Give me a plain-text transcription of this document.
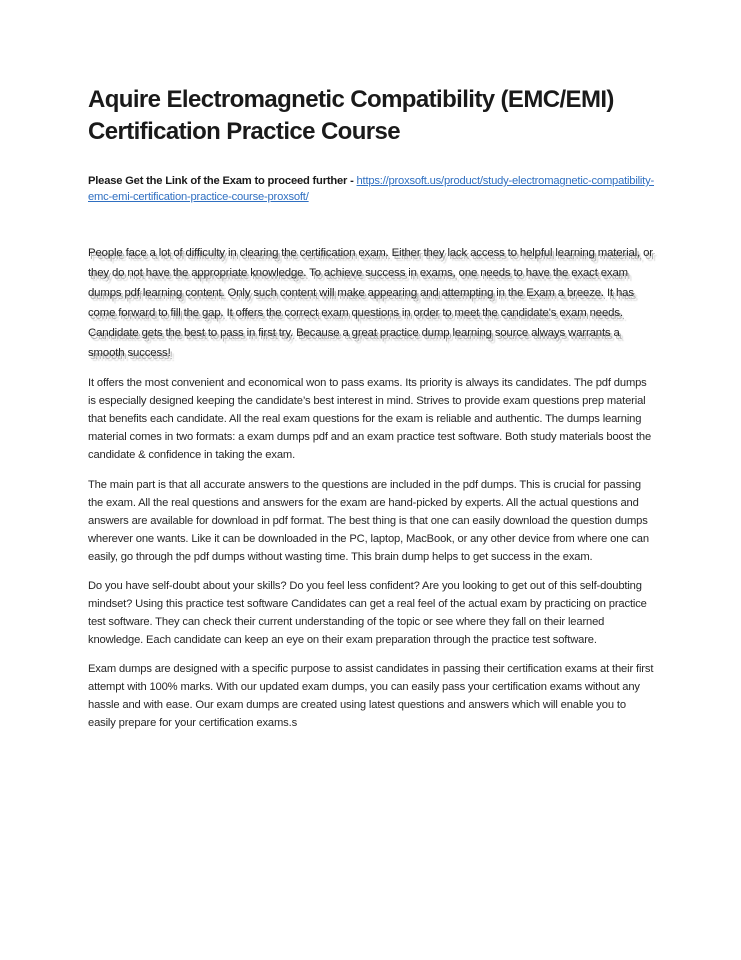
Aquire Electromagnetic Compatibility (EMC/EMI) Certification Practice Course
Please Get the Link of the Exam to proceed further - https://proxsoft.us/product/study-electromagnetic-compatibility-emc-emi-certification-practice-course-proxsoft/

People face a lot of difficulty in clearing the certification exam. Either they lack access to helpful learning material, or they do not have the appropriate knowledge. To achieve success in exams, one needs to have the exact exam dumps pdf learning content. Only such content will make appearing and attempting in the Exam a breeze. It has come forward to fill the gap. It offers the correct exam questions in order to meet the candidate's exam needs. Candidate gets the best to pass in first try. Because a great practice dump learning source always warrants a smooth success!

It offers the most convenient and economical won to pass exams. Its priority is always its candidates. The pdf dumps is especially designed keeping the candidate’s best interest in mind. Strives to provide exam questions prep material that benefits each candidate. All the real exam questions for the exam is reliable and authentic. The dumps learning material comes in two formats: a exam dumps pdf and an exam practice test software. Both study materials boost the candidate & confidence in taking the exam.

The main part is that all accurate answers to the questions are included in the pdf dumps. This is crucial for passing the exam. All the real questions and answers for the exam are hand-picked by experts. All the actual questions and answers are available for download in pdf format. The best thing is that one can easily download the question dumps wherever one wants. Like it can be downloaded in the PC, laptop, MacBook, or any other device from where one can easily, go through the pdf dumps without wasting time. This brain dump helps to get success in the exam.

Do you have self-doubt about your skills? Do you feel less confident? Are you looking to get out of this self-doubting mindset? Using this practice test software Candidates can get a real feel of the actual exam by practicing on practice test software. They can check their current understanding of the topic or see where they fall on their learned knowledge. Each candidate can keep an eye on their exam preparation through the practice test software.

Exam dumps are designed with a specific purpose to assist candidates in passing their certification exams at their first attempt with 100% marks. With our updated exam dumps, you can easily pass your certification exams without any hassle and with ease. Our exam dumps are created using latest questions and answers which will enable you to easily prepare for your certification exams.s
